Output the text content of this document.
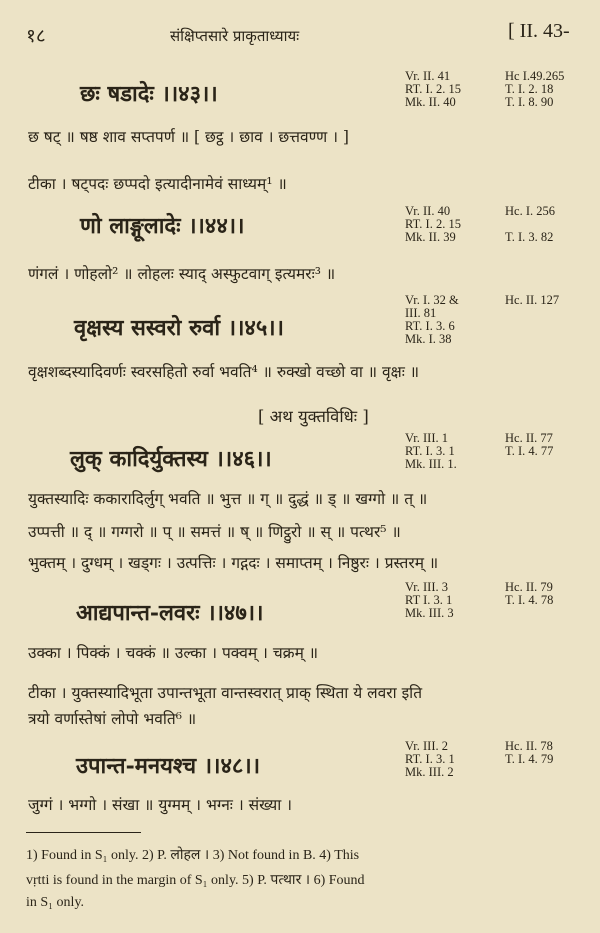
१८	संक्षिप्तसारे प्राकृताध्यायः	[ II. 43-
छः षडादेः ।।४३।।
Vr. II. 41	Hc I.49.265
RT. I. 2. 15	T. I. 2. 18
Mk. II. 40	T. I. 8. 90
छ षट् ॥ षष्ठ शाव सप्तपर्ण ॥ [ छट्ठ । छाव । छत्तवण्ण । ]
टीका । षट्पदः छप्पदो इत्यादीनामेवं साध्यम्¹ ॥
णो लाङ्गूलादेः ।।४४।।
Vr. II. 40	Hc. I. 256
RT. I. 2. 15
Mk. II. 39	T. I. 3. 82
णंगलं । णोहलो² ॥ लोहलः स्याद् अस्फुटवाग् इत्यमरः³ ॥
वृक्षस्य सस्वरो रुर्वा ।।४५।।
Vr. I. 32 &	Hc. II. 127
III. 81
RT. I. 3. 6
Mk. I. 38
वृक्षशब्दस्यादिवर्णः स्वरसहितो रुर्वा भवति⁴ ॥ रुक्खो वच्छो वा ॥ वृक्षः ॥
[ अथ युक्तविधिः ]
लुक् कादिर्युक्तस्य ।।४६।।
Vr. III. 1	Hc. II. 77
RT. I. 3. 1	T. I. 4. 77
Mk. III. 1.
युक्तस्यादिः ककारादिर्लुग् भवति ॥ भुत्त ॥ ग् ॥ दुद्धं ॥ ड् ॥ खग्गो ॥ त् ॥
उप्पत्ती ॥ द् ॥ गग्गरो ॥ प् ॥ समत्तं ॥ ष् ॥ णिट्ठुरो ॥ स् ॥ पत्थर⁵ ॥
भुक्तम् । दुग्धम् । खड्गः । उत्पत्तिः । गद्गदः । समाप्तम् । निष्ठुरः । प्रस्तरम् ॥
आद्यपान्त-लवरः ।।४७।।
Vr. III. 3	Hc. II. 79
RT I. 3. 1	T. I. 4. 78
Mk. III. 3
उक्का । पिक्कं । चक्कं ॥ उल्का । पक्वम् । चक्रम् ॥
टीका । युक्तस्यादिभूता उपान्तभूता वान्तस्वरात् प्राक् स्थिता ये लवरा इति
त्रयो वर्णास्तेषां लोपो भवति⁶ ॥
उपान्त-मनयश्च ।।४८।।
Vr. III. 2	Hc. II. 78
RT. I. 3. 1	T. I. 4. 79
Mk. III. 2
जुग्गं । भग्गो । संखा ॥ युग्मम् । भग्नः । संख्या ।
1) Found in S₁ only. 2) P. लोहल । 3) Not found in B. 4) This
vṛtti is found in the margin of S₁ only. 5) P. पत्थार । 6) Found
in S₁ only.
